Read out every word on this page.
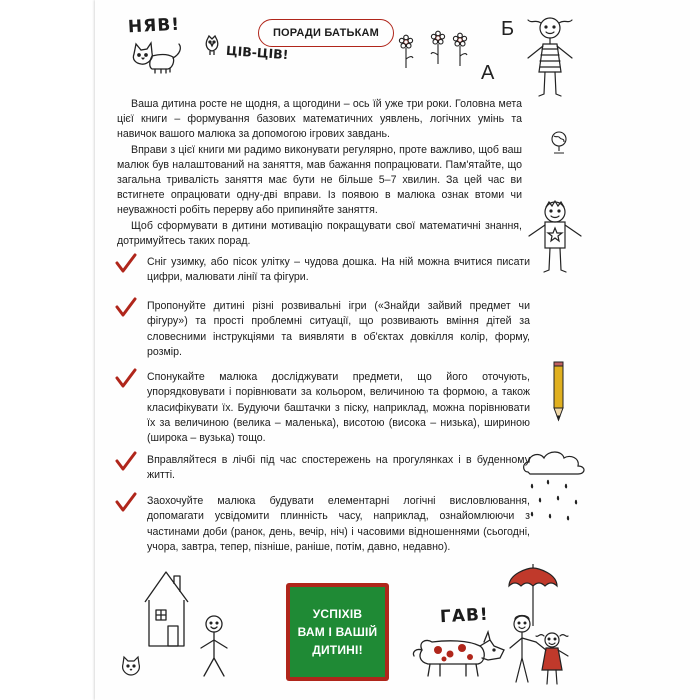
НЯВ!
ЦІВ-ЦІВ!
ПОРАДИ БАТЬКАМ	Б
А

Ваша дитина росте не щодня, а щогодини – ось їй уже три роки. Головна мета цієї книги – формування базових математичних уявлень, логічних умінь та навичок вашого малюка за допомогою ігрових завдань.

Вправи з цієї книги ми радимо виконувати регулярно, проте важливо, щоб ваш малюк був налаштований на заняття, мав бажання попрацювати. Пам'ятайте, що загальна тривалість заняття має бути не більше 5–7 хвилин. За цей час ви встигнете опрацювати одну-дві вправи. Із появою в малюка ознак втоми чи неуважності робіть перерву або припиняйте заняття.

Щоб сформувати в дитини мотивацію покращувати свої математичні знання, дотримуйтесь таких порад.

Сніг узимку, або пісок улітку – чудова дошка. На ній можна вчитися писати цифри, малювати лінії та фігури.
Пропонуйте дитині різні розвивальні ігри («Знайди зайвий предмет чи фігуру») та прості проблемні ситуації, що розвивають вміння дітей за словесними інструкціями та виявляти в об'єктах довкілля колір, форму, розмір.
Спонукайте малюка досліджувати предмети, що його оточують, упорядковувати і порівнювати за кольором, величиною та формою, а також класифікувати їх. Будуючи баштачки з піску, наприклад, можна порівнювати їх за величиною (велика – маленька), висотою (висока – низька), шириною (широка – вузька) тощо.
Вправляйтеся в лічбі під час спостережень на прогулянках і в буденному житті.
Заохочуйте малюка будувати елементарні логічні висловлювання, допомагати усвідомити плинність часу, наприклад, ознайомлюючи з частинами доби (ранок, день, вечір, ніч) і часовими відношеннями (сьогодні, учора, завтра, тепер, пізніше, раніше, потім, давно, недавно).
УСПІХІВ
ВАМ І ВАШІЙ
ДИТИНІ!
ГАВ!
